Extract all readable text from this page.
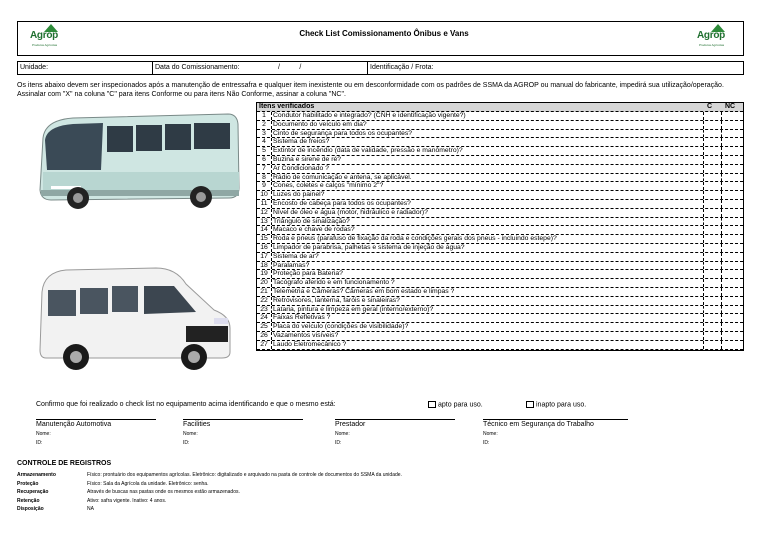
Agrop
Produtos Agrícolas
Agrop
Produtos Agrícolas
Check List Comissionamento Ônibus e Vans
Unidade:	Data do Comissionamento:	/          /	Identificação / Frota:
Os itens abaixo devem ser inspecionados após a manutenção de entressafra e qualquer item inexistente ou em desconformidade com os padrões de SSMA da AGROP ou manual do fabricante, impedirá sua utilização/operação. Assinalar com "X" na coluna "C" para itens Conforme ou para itens Não Conforme, assinar a coluna "NC".
Itens verificados	C NC
1	Condutor habilitado e integrado? (CNH e identificação vigente?)
2	Documento do veículo em dia?
3	Cinto de segurança para todos os ocupantes?
4	Sistema de freios?
5	Extintor de incêndio (data de validade, pressão e manômetro)?
6	Buzina e sirene de ré?
7	Ar Condicionado ?
8	Rádio de comunicação e antena, se aplicável.
9	Cones, coletes e calços "mínimo 2"?
10 Luzes do painel?
11 Encosto de cabeça para todos os ocupantes?
12 Nível de óleo e água (motor, hidráulico e radiador)?
13 Triângulo de sinalização?
14 Macaco e chave de rodas?
15 Roda e pneus (parafuso de fixação da roda e condições gerais dos pneus - incluindo estepe)?
16 Limpador de parabrisa, palhetas e sistema de injeção de água?
17 Sistema de ar?
18 Paralamas?
19 Proteção para Bateria?
20 Tacógrafo aferido e em funcionamento ?
21 Telemetria e Câmeras? Câmeras em bom estado e limpas ?
22 Retrovisores, lanterna, faróis e sinaleiras?
23 Lataria, pintura e limpeza em geral (interno/externo)?
24 Faixas Refletivas ?
25 Placa do veículo (condições de visibilidade)?
26 Vazamentos visíveis?
27 Laudo Eletromecânico ?
Confirmo que foi realizado o check list no equipamento acima identificando e que o mesmo está:	apto para uso.	inapto para uso.
Manutenção Automotiva
Nome:
ID:
Facilities
Nome:
ID:
Prestador
Nome:
ID:
Técnico em Segurança do Trabalho
Nome:
ID:
CONTROLE DE REGISTROS
Armazenamento	Físico: prontuário dos equipamentos agrícolas. Eletrônico: digitalizado e arquivado na pasta de controle de documentos do SSMA da unidade.
Proteção	Físico: Sala da Agrícola da unidade. Eletrônico: senha.
Recuperação	Através de buscas nas pastas onde os mesmos estão armazenados.
Retenção	Ativo: safra vigente. Inativo: 4 anos.
Disposição	NA
